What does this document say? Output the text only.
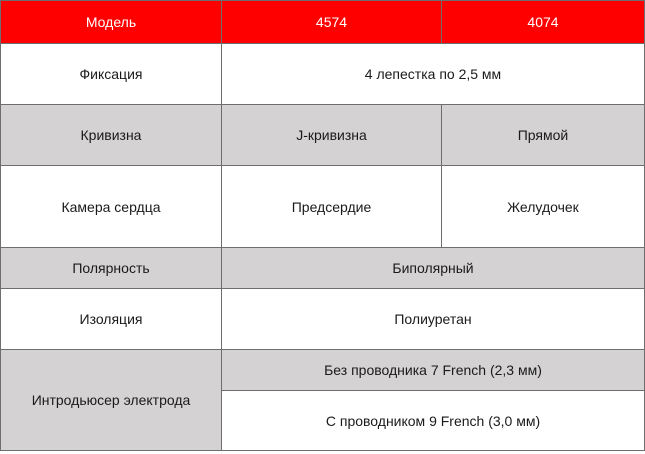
Модель	4574	4074
Фиксация	4 лепестка по 2,5 мм	
Кривизна	J-кривизна	Прямой
Камера сердца	Предсердие	Желудочек
Полярность	Биполярный	
Изоляция	Полиуретан	
Интродьюсер электрода	Без проводника 7 French (2,3 мм)	
	С проводником 9 French (3,0 мм)	
